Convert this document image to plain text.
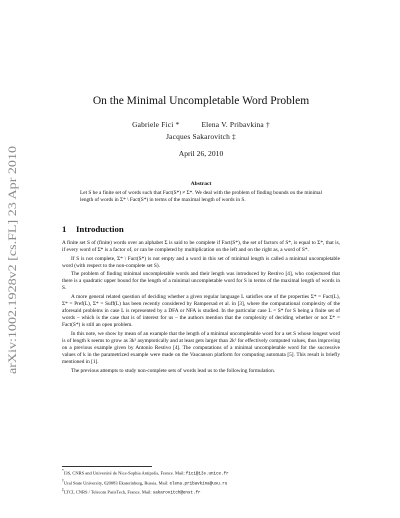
arXiv:1002.1928v2 [cs.FL] 23 Apr 2010
On the Minimal Uncompletable Word Problem
Gabriele Fici *	Elena V. Pribavkina †
Jacques Sakarovitch ‡
April 26, 2010
Abstract
Let S be a finite set of words such that Fact(S*) ≠ Σ*. We deal with the problem of finding bounds on the minimal length of words in Σ* \ Fact(S*) in terms of the maximal length of words in S.
1 Introduction

A finite set S of (finite) words over an alphabet Σ is said to be complete if Fact(S*), the set of factors of S*, is equal to Σ*, that is, if every word of Σ* is a factor of, or can be completed by multiplication on the left and on the right as, a word of S*.

If S is not complete, Σ* \ Fact(S*) is not empty and a word in this set of minimal length is called a minimal uncompletable word (with respect to the non-complete set S).

The problem of finding minimal uncompletable words and their length was introduced by Restivo [4], who conjectured that there is a quadratic upper bound for the length of a minimal uncompletable word for S in terms of the maximal length of words in S.

A more general related question of deciding whether a given regular language L satisfies one of the properties Σ* = Fact(L), Σ* = Pref(L), Σ* = Suff(L) has been recently considered by Rampersad et al. in [3], where the computational complexity of the aforesaid problems in case L is represented by a DFA or NFA is studied. In the particular case L = S* for S being a finite set of words – which is the case that is of interest for us – the authors mention that the complexity of deciding whether or not Σ* = Fact(S*) is still an open problem.

In this note, we show by mean of an example that the length of a minimal uncompletable word for a set S whose longest word is of length k seems to grow as 3k² asymptotically and at least gets larger than 2k² for effectively computed values, thus improving on a previous example given by Antonio Restivo [4]. The computations of a minimal uncompletable word for the successive values of k in the parametrized example were made on the Vaucanson platform for computing automata [5]. This result is briefly mentioned in [1].

The previous attempts to study non-complete sets of words lead us to the following formulation.

*I3S, CNRS and Université de Nice-Sophia Antipolis, France. Mail: fici@i3s.unice.fr
†Ural State University, 620083 Ekaterinburg, Russia. Mail: elena.pribavkina@usu.ru
‡LTCI, CNRS / Telecom ParisTech, France. Mail: sakarovitch@enst.fr
